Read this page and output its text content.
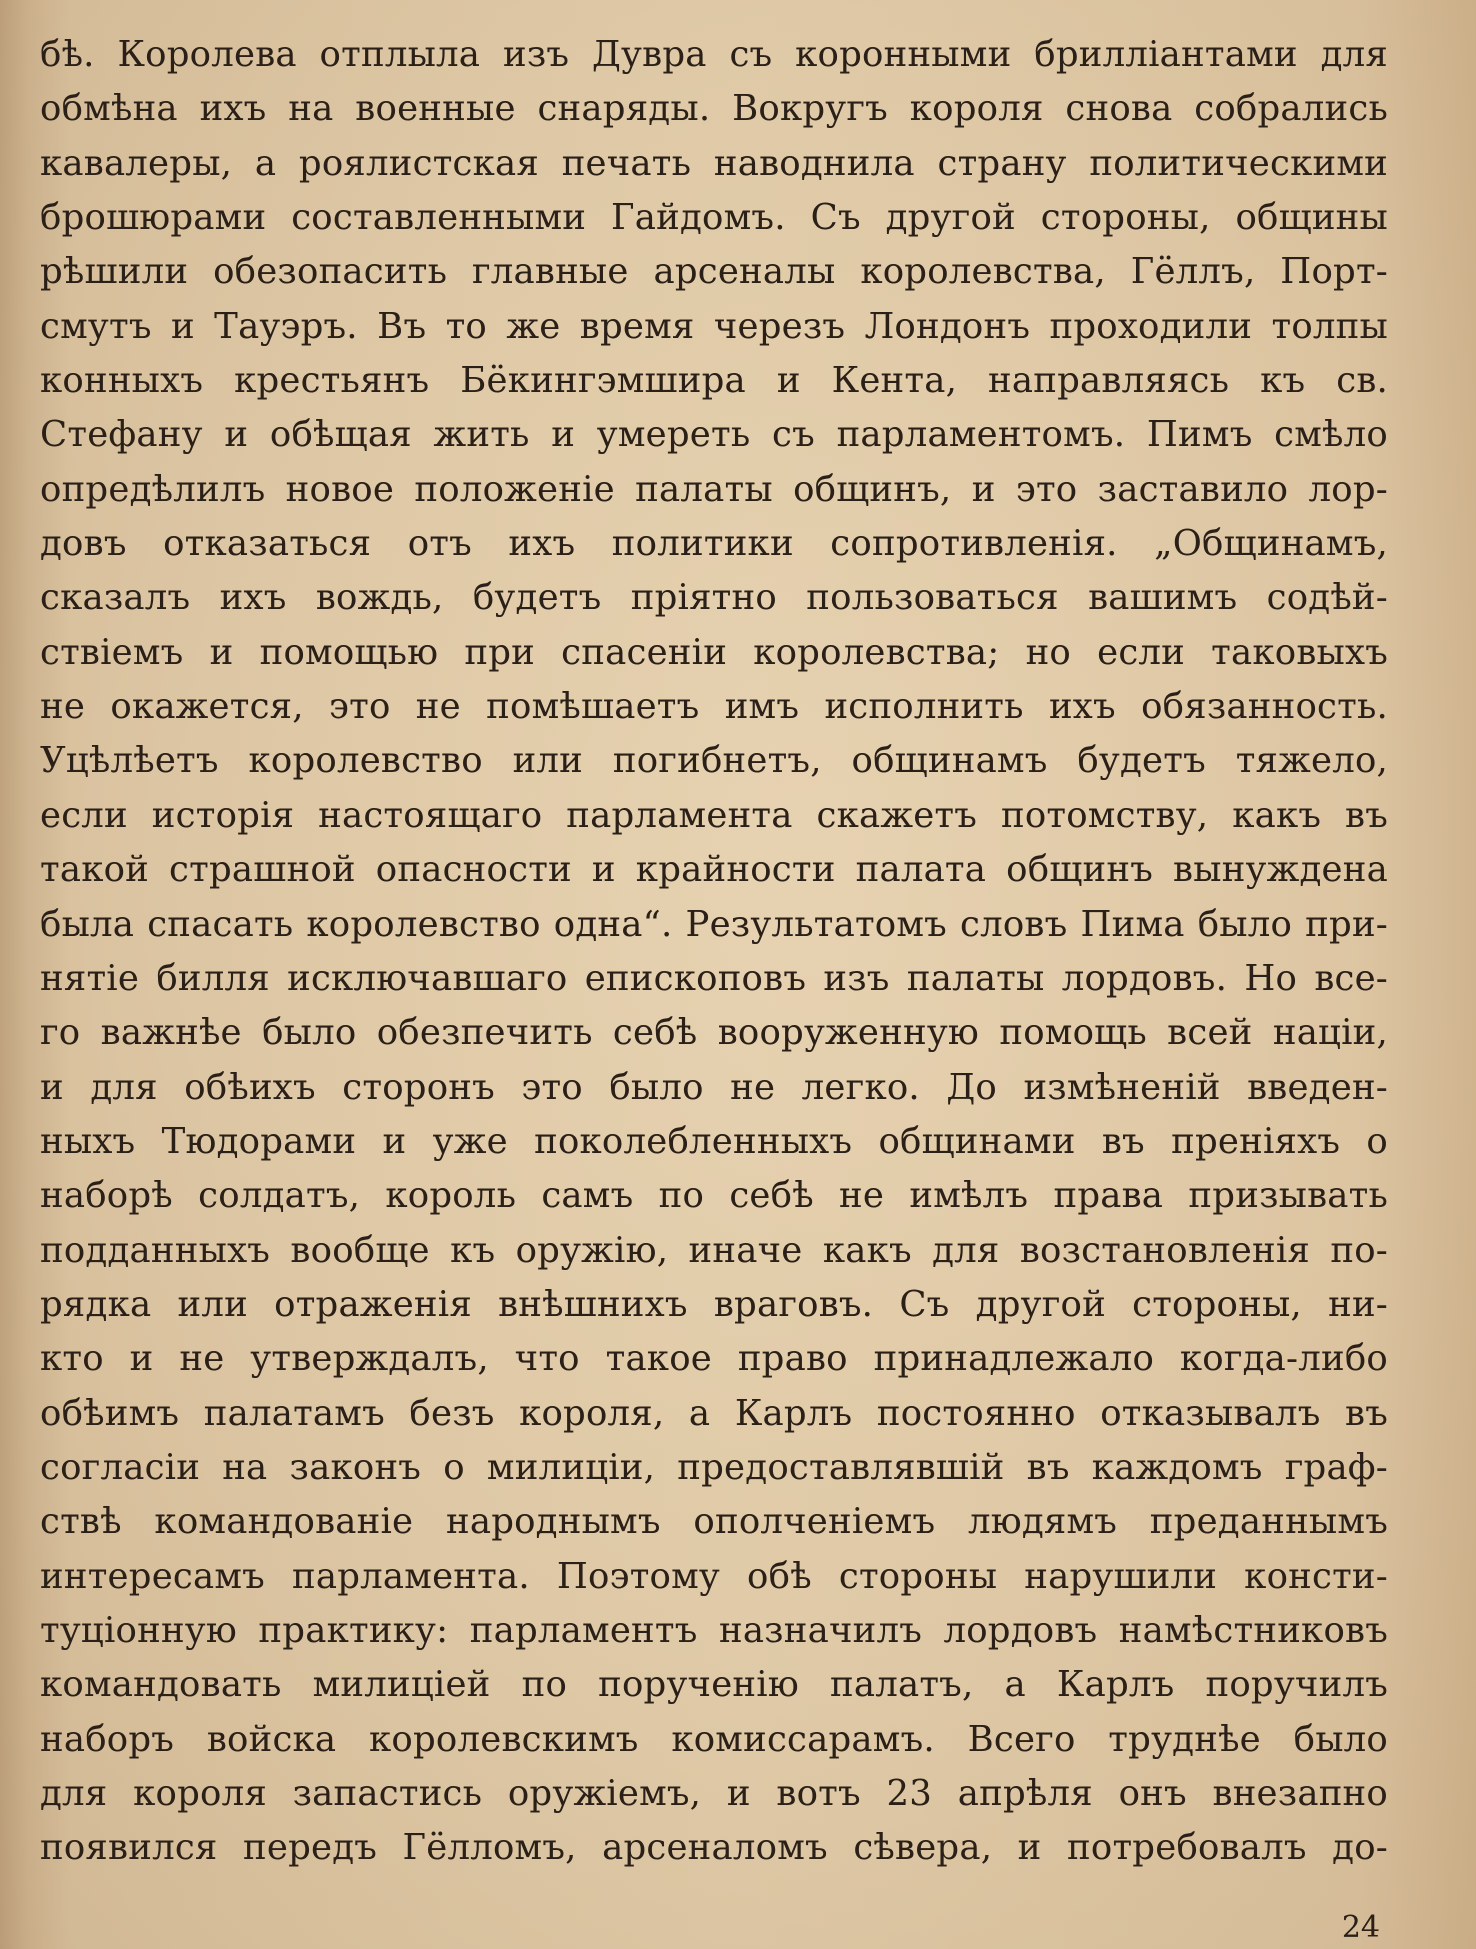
бѣ. Королева отплыла изъ Дувра съ коронными брилліантами для
обмѣна ихъ на военные снаряды. Вокругъ короля снова собрались
кавалеры, а роялистская печать наводнила страну политическими
брошюрами составленными Гайдомъ. Съ другой стороны, общины
рѣшили обезопасить главные арсеналы королевства, Гёллъ, Порт-
смутъ и Тауэръ. Въ то же время черезъ Лондонъ проходили толпы
конныхъ крестьянъ Бёкингэмшира и Кента, направляясь къ св.
Стефану и обѣщая жить и умереть съ парламентомъ. Пимъ смѣло
опредѣлилъ новое положеніе палаты общинъ, и это заставило лор-
довъ отказаться отъ ихъ политики сопротивленія. „Общинамъ,
сказалъ ихъ вождь, будетъ пріятно пользоваться вашимъ содѣй-
ствіемъ и помощью при спасеніи королевства; но если таковыхъ
не окажется, это не помѣшаетъ имъ исполнить ихъ обязанность.
Уцѣлѣетъ королевство или погибнетъ, общинамъ будетъ тяжело,
если исторія настоящаго парламента скажетъ потомству, какъ въ
такой страшной опасности и крайности палата общинъ вынуждена
была спасать королевство одна“. Результатомъ словъ Пима было при-
нятіе билля исключавшаго епископовъ изъ палаты лордовъ. Но все-
го важнѣе было обезпечить себѣ вооруженную помощь всей націи,
и для обѣихъ сторонъ это было не легко. До измѣненій введен-
ныхъ Тюдорами и уже поколебленныхъ общинами въ преніяхъ о
наборѣ солдатъ, король самъ по себѣ не имѣлъ права призывать
подданныхъ вообще къ оружію, иначе какъ для возстановленія по-
рядка или отраженія внѣшнихъ враговъ. Съ другой стороны, ни-
кто и не утверждалъ, что такое право принадлежало когда-либо
обѣимъ палатамъ безъ короля, а Карлъ постоянно отказывалъ въ
согласіи на законъ о милиціи, предоставлявшій въ каждомъ граф-
ствѣ командованіе народнымъ ополченіемъ людямъ преданнымъ
интересамъ парламента. Поэтому обѣ стороны нарушили консти-
туціонную практику: парламентъ назначилъ лордовъ намѣстниковъ
командовать милиціей по порученію палатъ, а Карлъ поручилъ
наборъ войска королевскимъ комиссарамъ. Всего труднѣе было
для короля запастись оружіемъ, и вотъ 23 апрѣля онъ внезапно
появился передъ Гёлломъ, арсеналомъ сѣвера, и потребовалъ до-
24
